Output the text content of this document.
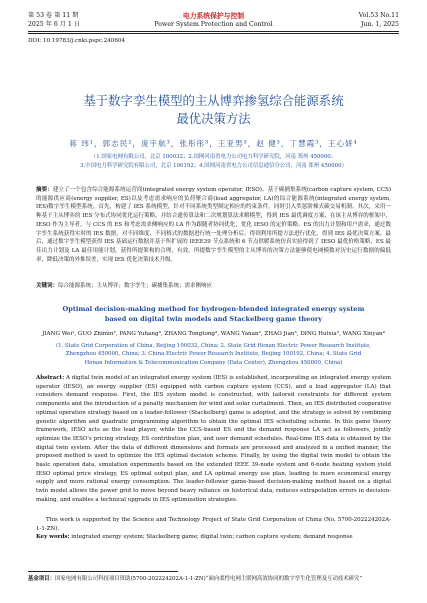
第 53 卷 第 11 期
2025 年 6 月 1 日
电力系统保护与控制
Power System Protection and Control
Vol.53 No.11
Jun. 1, 2025
DOI: 10.19783/j.cnki.pspc.240604
基于数字孪生模型的主从博弈掺氢综合能源系统
最优决策方法
蒋 玮¹，郭志民²，庞宇航³，张彤彤³，王亚男³，赵 健³，丁慧霞³，王心妍⁴
（1.国家电网有限公司，北京 100032；2.国网河南省电力公司电力科学研究院，河南 郑州 450000；
3.中国电力科学研究院有限公司，北京 100192；4.国网河南省电力公司信息通信分公司，河南 郑州 450000）
摘要：建立了一个包含综合能源系统运营商(integrated energy system operator, IESO)、基于碳捕集系统(carbon capture system, CCS)的能源供应商(energy supplier, ES)以及考虑需求响应的负荷聚合商(load aggregator, LA)的综合能源系统(integrated energy system, IES)数字孪生模型系统。首先，构建了 IES 系统模型，针对不同系统类型制定相应的约束条件，同时引入奖惩阶梯式碳交易机制。其次，采用一种基于主从博弈的 IES 分布式协同优化运行策略，并结合遗传算法和二次规划算法求解模型，得到 IES 最优调度方案，在该主从博弈的框架中，IESO 作为主导者，与 CCS 的 ES 和考虑需求侧响应的 LA 作为跟随者协同优化，优化 IESO 的定价策略、ES 的出力计划和用户需求，通过数字孪生系统获得实时的 IES 数据，对不同维度、不同格式的数据进行统一处理分析后，得到利用所提方法进行优化，得到 IES 最优决策方案。最后，通过数字孪生模型获得 IES 基础运行数据并基于所扩展的 IEEE39 节点系统和 6 节点供暖系统仿真实验得到了 IESO 最优价格策略、ES 最佳出力计划及 LA 最佳用能计划，获得所提架构的合理、有效。所提数字孪生模型的主从博弈的决策方法能够使电网模数对历史运行数据的偏低率，降低决策的外推误差，实现 IES 优化决策技术升级。
关键词：综合能源系统；主从博弈；数字孪生；碳捕集系统；需求侧响应
Optimal decision-making method for hydrogen-blended integrated energy system
based on digital twin models and Stackelberg game theory
JIANG Wei¹, GUO Zhimin², PANG Yuhang³, ZHANG Tongtong³, WANG Yanan³, ZHAO Jian³, DING Huixia³, WANG Xinyan⁴
(1. State Grid Corporation of China, Beijing 100032, China; 2. State Grid Henan Electric Power Research Institute,
Zhengzhou 450000, China; 3. China Electric Power Research Institute, Beijing 100192, China; 4. State Grid
Henan Information & Telecommunication Company (Data Center), Zhengzhou 450000, China)
Abstract: A digital twin model of an integrated energy system (IES) is established, incorporating an integrated energy system operator (IESO), an energy supplier (ES) equipped with carbon capture system (CCS), and a load aggregator (LA) that considers demand response. First, the IES system model is constructed, with tailored constraints for different system components and the introduction of a penalty mechanism for wind and solar curtailment. Then, an IES distributed cooperative optimal operation strategy based on a leader-follower (Stackelberg) game is adopted, and the strategy is solved by combining genetic algorithm and quadratic programming algorithm to obtain the optimal IES scheduling scheme. In this game theory framework, IESO acts as the lead player, while the CCS-based ES and the demand response LA act as followers, jointly optimize the IESO's pricing strategy, ES contribution plan, and user demand schedules. Real-time IES data is obtained by the digital twin system. After the data of different dimensions and formats are processed and analyzed in a unified manner, the proposed method is used to optimize the IES optimal decision scheme. Finally, by using the digital twin model to obtain the basic operation data, simulation experiments based on the extended IEEE 39-node system and 6-node heating system yield IESO optimal price strategy, ES optimal output plan, and LA optimal energy use plan, leading to more economical energy supply and more rational energy consumption. The leader-follower game-based decision-making method based on a digital twin model allows the power grid to move beyond heavy reliance on historical data, reduces extrapolation errors in decision-making, and enables a technical upgrade in IES optimization strategies.
This work is supported by the Science and Technology Project of State Grid Corporation of China (No. 5700-202224202A-1-1-ZN).
Key words: integrated energy system; Stackelberg game; digital twin; carbon capture system; demand response
基金项目：国家电网有限公司科技项目资助(5700-202224202A-1-1-ZN)“面向柔性电网主联网高效协同的数字孪生化管理及互动技术研究”
